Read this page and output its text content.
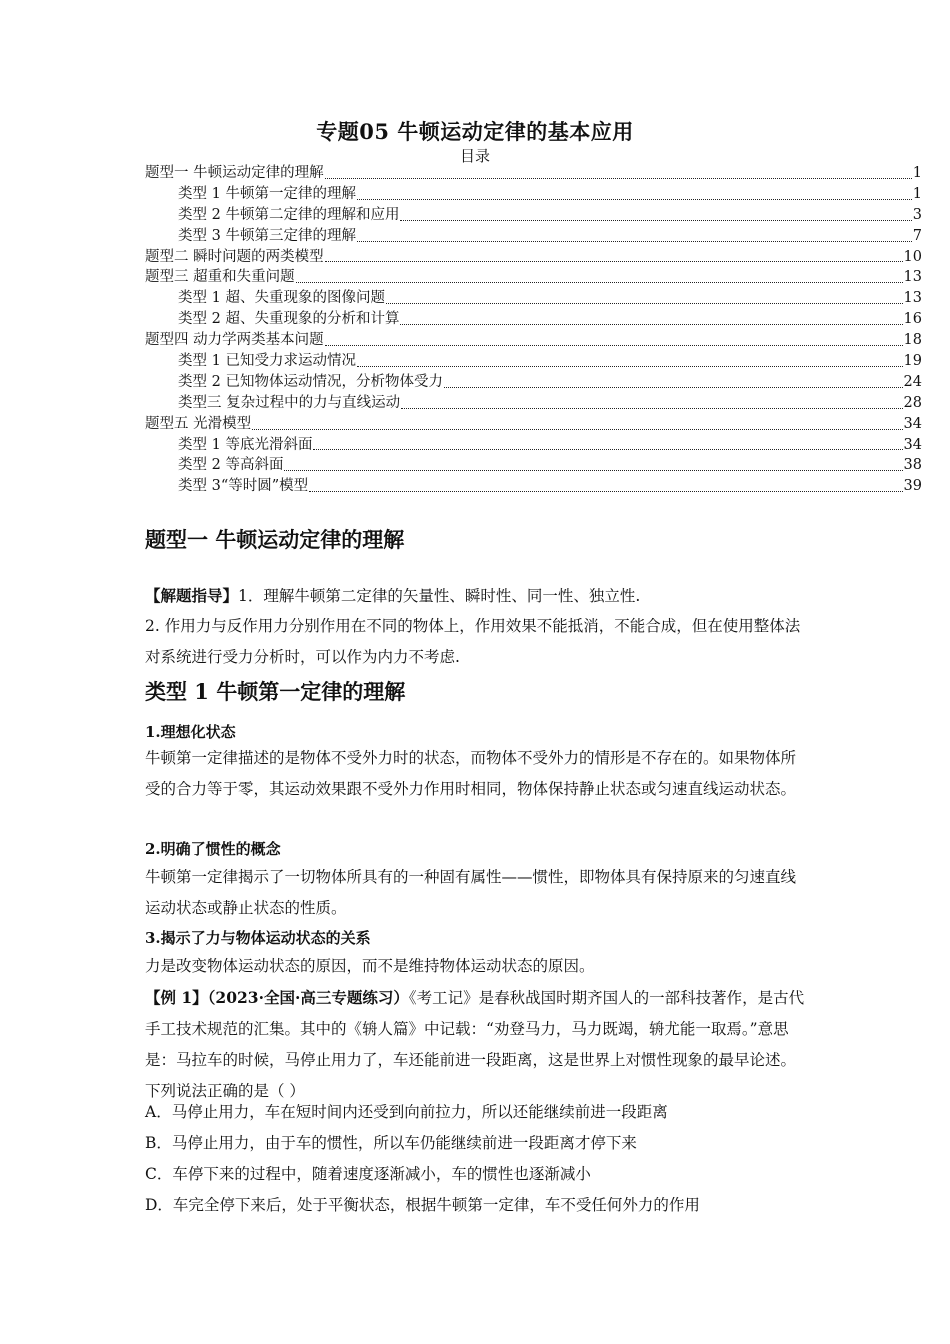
专题05 牛顿运动定律的基本应用
目录
题型一 牛顿运动定律的理解	1
类型 1 牛顿第一定律的理解	1
类型 2 牛顿第二定律的理解和应用	3
类型 3 牛顿第三定律的理解	7
题型二 瞬时问题的两类模型	10
题型三 超重和失重问题	13
类型 1 超、失重现象的图像问题	13
类型 2 超、失重现象的分析和计算	16
题型四 动力学两类基本问题	18
类型 1 已知受力求运动情况	19
类型 2 已知物体运动情况，分析物体受力	24
类型三 复杂过程中的力与直线运动	28
题型五 光滑模型	34
类型 1 等底光滑斜面	34
类型 2 等高斜面	38
类型 3“等时圆”模型	39
题型一 牛顿运动定律的理解
【解题指导】1．理解牛顿第二定律的矢量性、瞬时性、同一性、独立性.
2. 作用力与反作用力分别作用在不同的物体上，作用效果不能抵消，不能合成，但在使用整体法对系统进行受力分析时，可以作为内力不考虑.
类型 1 牛顿第一定律的理解
1.理想化状态
牛顿第一定律描述的是物体不受外力时的状态，而物体不受外力的情形是不存在的。如果物体所受的合力等于零，其运动效果跟不受外力作用时相同，物体保持静止状态或匀速直线运动状态。
2.明确了惯性的概念
牛顿第一定律揭示了一切物体所具有的一种固有属性——惯性，即物体具有保持原来的匀速直线运动状态或静止状态的性质。
3.揭示了力与物体运动状态的关系
力是改变物体运动状态的原因，而不是维持物体运动状态的原因。
【例 1】（2023·全国·高三专题练习）《考工记》是春秋战国时期齐国人的一部科技著作，是古代手工技术规范的汇集。其中的《辀人篇》中记载：“劝登马力，马力既竭，辀尤能一取焉。”意思是：马拉车的时候，马停止用力了，车还能前进一段距离，这是世界上对惯性现象的最早论述。下列说法正确的是（ ）
A．马停止用力，车在短时间内还受到向前拉力，所以还能继续前进一段距离
B．马停止用力，由于车的惯性，所以车仍能继续前进一段距离才停下来
C．车停下来的过程中，随着速度逐渐减小，车的惯性也逐渐减小
D．车完全停下来后，处于平衡状态，根据牛顿第一定律，车不受任何外力的作用
